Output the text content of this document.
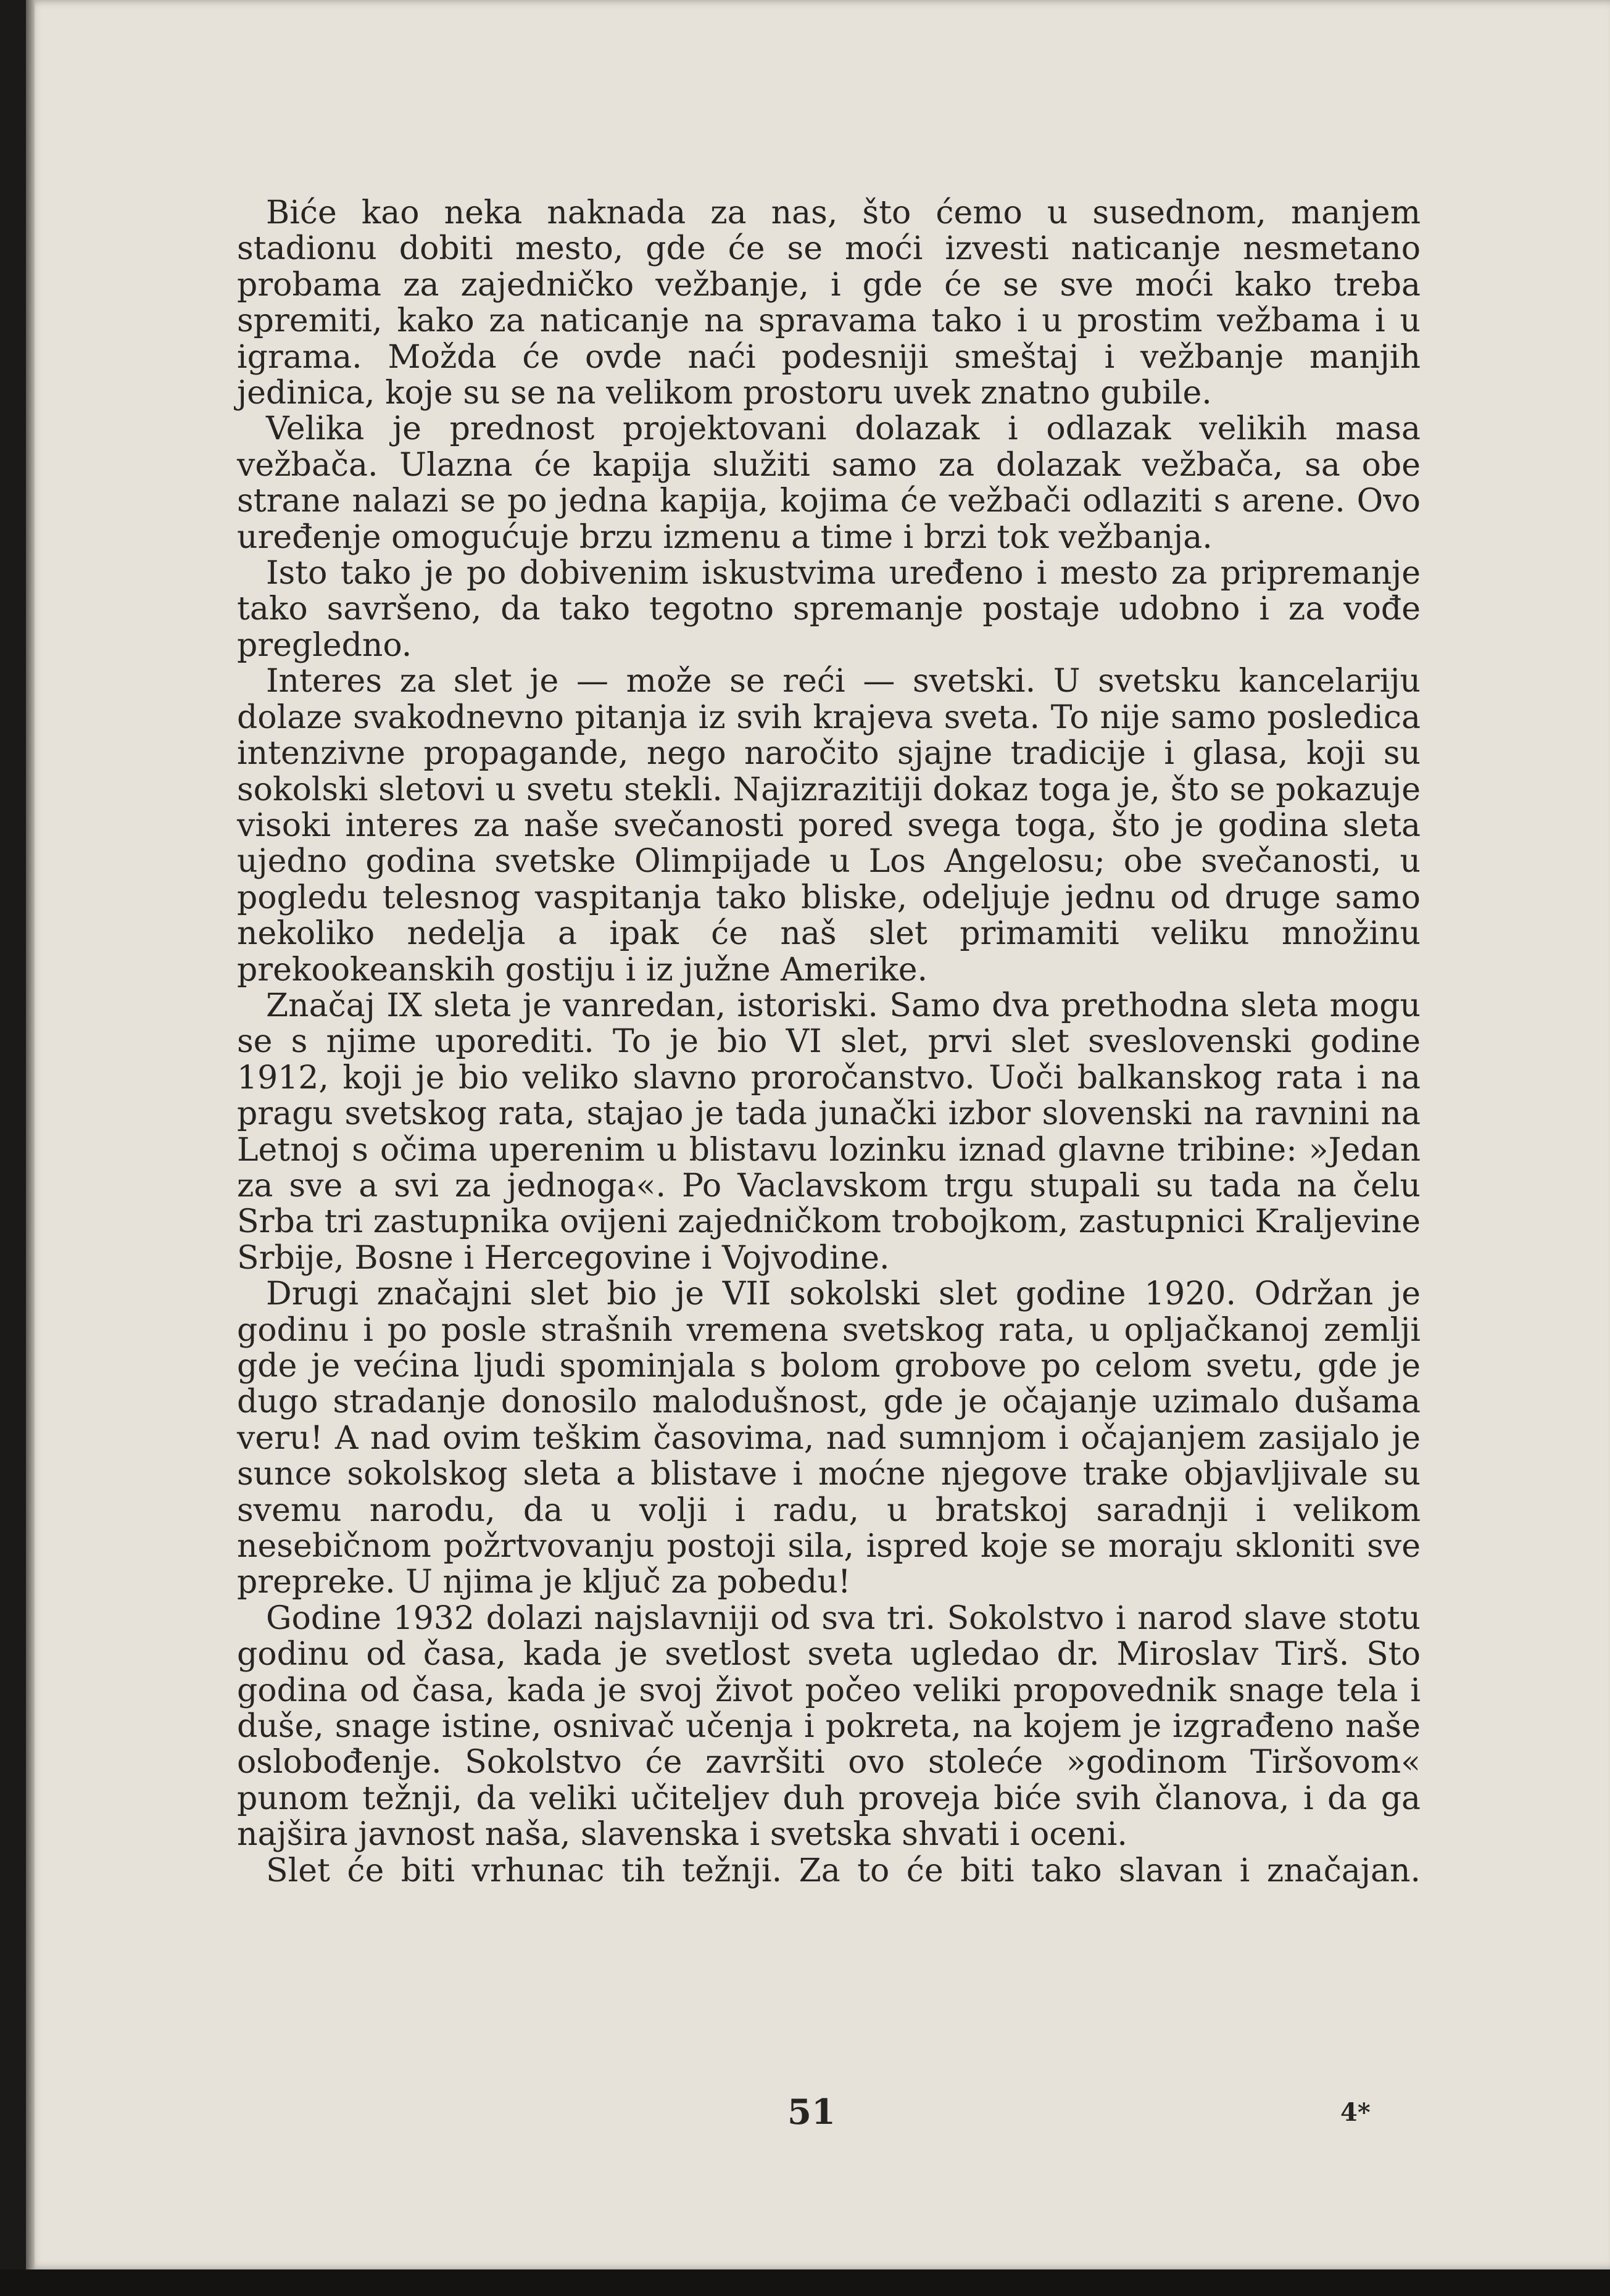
Biće kao neka naknada za nas, što ćemo u susednom, manjem stadionu dobiti mesto, gde će se moći izvesti naticanje nesmetano probama za zajedničko vežbanje, i gde će se sve moći kako treba spremiti, kako za naticanje na spravama tako i u prostim vežbama i u igrama. Možda će ovde naći podesniji smeštaj i vežbanje manjih jedinica, koje su se na velikom prostoru uvek znatno gubile.

Velika je prednost projektovani dolazak i odlazak velikih masa vežbača. Ulazna će kapija služiti samo za dolazak vežbača, sa obe strane nalazi se po jedna kapija, kojima će vežbači odlaziti s arene. Ovo uređenje omogućuje brzu izmenu a time i brzi tok vežbanja.

Isto tako je po dobivenim iskustvima uređeno i mesto za pripremanje tako savršeno, da tako tegotno spremanje postaje udobno i za vođe pregledno.

Interes za slet je — može se reći — svetski. U svetsku kancelariju dolaze svakodnevno pitanja iz svih krajeva sveta. To nije samo posledica intenzivne propagande, nego naročito sjajne tradicije i glasa, koji su sokolski sletovi u svetu stekli. Najizrazitiji dokaz toga je, što se pokazuje visoki interes za naše svečanosti pored svega toga, što je godina sleta ujedno godina svetske Olimpijade u Los Angelosu; obe svečanosti, u pogledu telesnog vaspitanja tako bliske, odeljuje jednu od druge samo nekoliko nedelja a ipak će naš slet primamiti veliku množinu prekookeanskih gostiju i iz južne Amerike.

Značaj IX sleta je vanredan, istoriski. Samo dva prethodna sleta mogu se s njime uporediti. To je bio VI slet, prvi slet sveslovenski godine 1912, koji je bio veliko slavno proročanstvo. Uoči balkanskog rata i na pragu svetskog rata, stajao je tada junački izbor slovenski na ravnini na Letnoj s očima uperenim u blistavu lozinku iznad glavne tribine: »Jedan za sve a svi za jednoga«. Po Vaclavskom trgu stupali su tada na čelu Srba tri zastupnika ovijeni zajedničkom trobojkom, zastupnici Kraljevine Srbije, Bosne i Hercegovine i Vojvodine.

Drugi značajni slet bio je VII sokolski slet godine 1920. Održan je godinu i po posle strašnih vremena svetskog rata, u opljačkanoj zemlji gde je većina ljudi spominjala s bolom grobove po celom svetu, gde je dugo stradanje donosilo malodušnost, gde je očajanje uzimalo dušama veru! A nad ovim teškim časovima, nad sumnjom i očajanjem zasijalo je sunce sokolskog sleta a blistave i moćne njegove trake objavljivale su svemu narodu, da u volji i radu, u bratskoj saradnji i velikom nesebičnom požrtvovanju postoji sila, ispred koje se moraju skloniti sve prepreke. U njima je ključ za pobedu!

Godine 1932 dolazi najslavniji od sva tri. Sokolstvo i narod slave stotu godinu od časa, kada je svetlost sveta ugledao dr. Miroslav Tirš. Sto godina od časa, kada je svoj život počeo veliki propovednik snage tela i duše, snage istine, osnivač učenja i pokreta, na kojem je izgrađeno naše oslobođenje. Sokolstvo će završiti ovo stoleće »godinom Tiršovom« punom težnji, da veliki učiteljev duh proveja biće svih članova, i da ga najšira javnost naša, slavenska i svetska shvati i oceni.

Slet će biti vrhunac tih težnji. Za to će biti tako slavan i značajan.

51	4*
